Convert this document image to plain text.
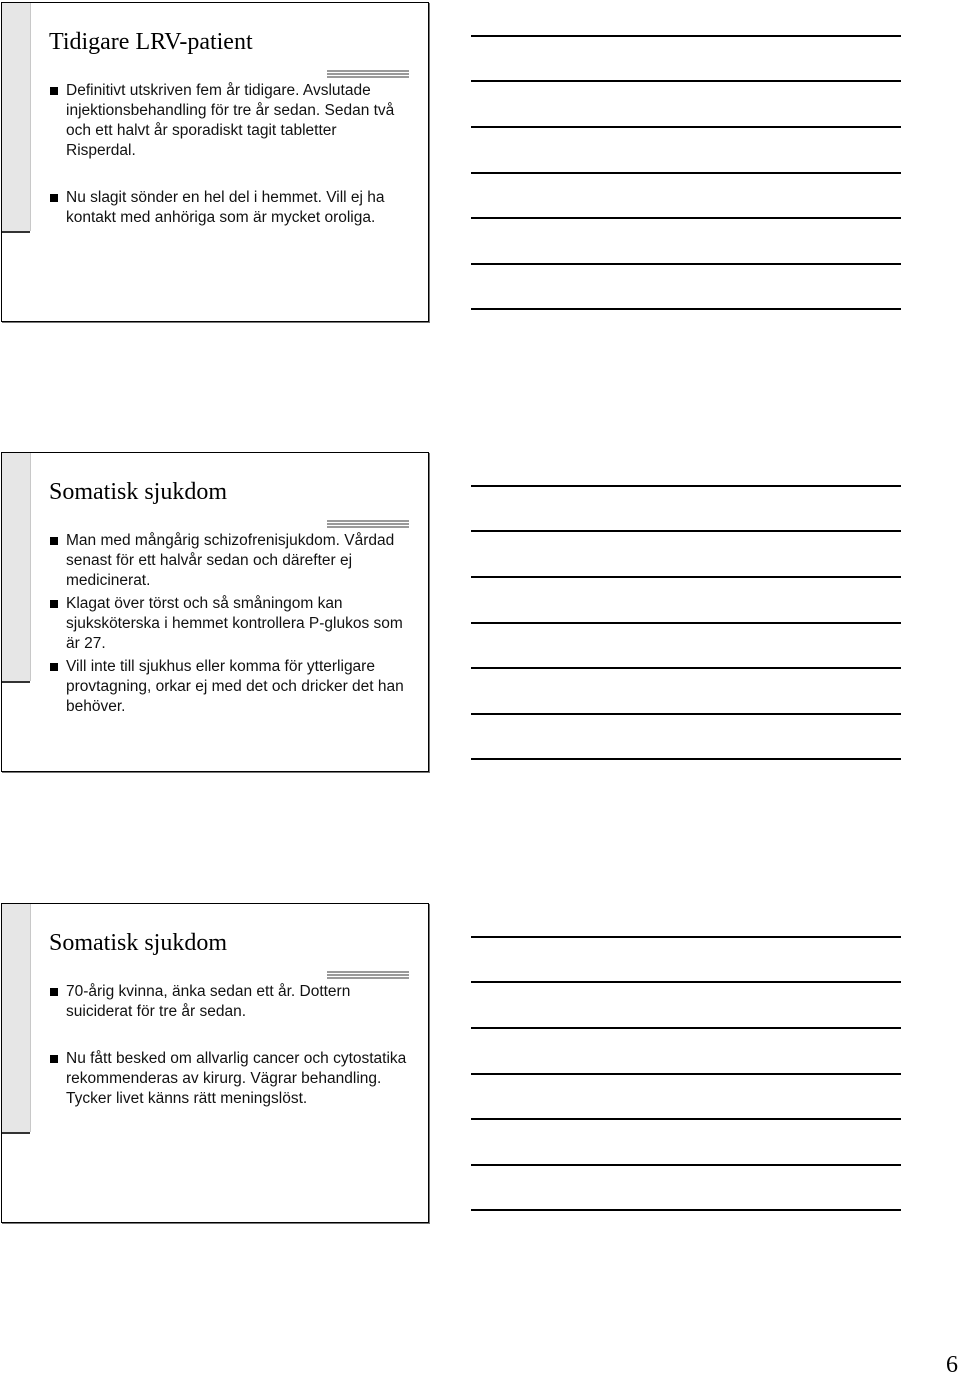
Tidigare LRV-patient
Definitivt utskriven fem år tidigare. Avslutade injektionsbehandling för tre år sedan. Sedan två och ett halvt år sporadiskt tagit tabletter Risperdal.
Nu slagit sönder en hel del i hemmet. Vill ej ha kontakt med anhöriga som är mycket oroliga.
Somatisk sjukdom
Man med mångårig schizofrenisjukdom. Vårdad senast för ett halvår sedan och därefter ej medicinerat.
Klagat över törst och så småningom kan sjuksköterska i hemmet kontrollera P-glukos som är 27.
Vill inte till sjukhus eller komma för ytterligare provtagning, orkar ej med det och dricker det han behöver.
Somatisk sjukdom
70-årig kvinna, änka sedan ett år. Dottern suiciderat för tre år sedan.
Nu fått besked om allvarlig cancer och cytostatika rekommenderas av kirurg. Vägrar behandling. Tycker livet känns rätt meningslöst.
6
